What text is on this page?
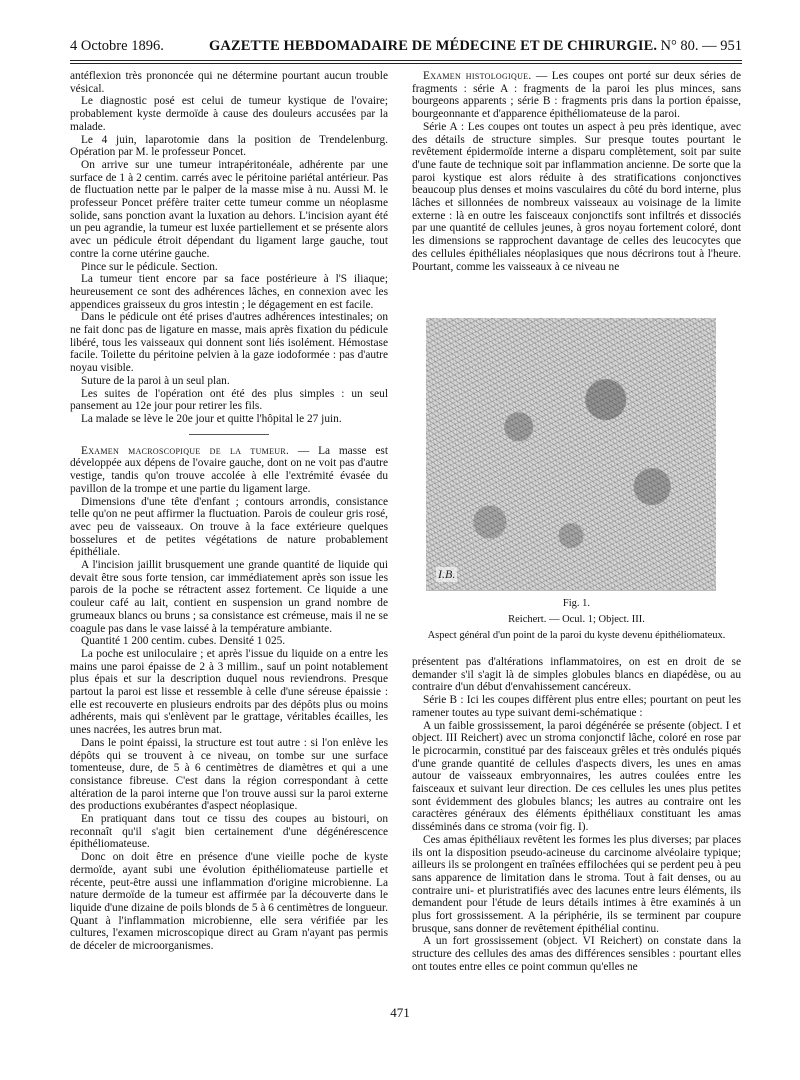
4 Octobre 1896.	GAZETTE HEBDOMADAIRE DE MÉDECINE ET DE CHIRURGIE. N° 80. — 951

antéflexion très prononcée qui ne détermine pourtant aucun trouble vésical.

Le diagnostic posé est celui de tumeur kystique de l'ovaire; probablement kyste dermoïde à cause des douleurs accusées par la malade.

Le 4 juin, laparotomie dans la position de Trendelenburg. Opération par M. le professeur Poncet.

On arrive sur une tumeur intrapéritonéale, adhérente par une surface de 1 à 2 centim. carrés avec le péritoine pariétal antérieur. Pas de fluctuation nette par le palper de la masse mise à nu. Aussi M. le professeur Poncet préfère traiter cette tumeur comme un néoplasme solide, sans ponction avant la luxation au dehors. L'incision ayant été un peu agrandie, la tumeur est luxée partiellement et se présente alors avec un pédicule étroit dépendant du ligament large gauche, tout contre la corne utérine gauche.

Pince sur le pédicule. Section.

La tumeur tient encore par sa face postérieure à l'S iliaque; heureusement ce sont des adhérences lâches, en connexion avec les appendices graisseux du gros intestin ; le dégagement en est facile.

Dans le pédicule ont été prises d'autres adhérences intestinales; on ne fait donc pas de ligature en masse, mais après fixation du pédicule libéré, tous les vaisseaux qui donnent sont liés isolément. Hémostase facile. Toilette du péritoine pelvien à la gaze iodoformée : pas d'autre noyau visible.

Suture de la paroi à un seul plan.

Les suites de l'opération ont été des plus simples : un seul pansement au 12e jour pour retirer les fils.

La malade se lève le 20e jour et quitte l'hôpital le 27 juin.

Examen macroscopique de la tumeur. — La masse est développée aux dépens de l'ovaire gauche, dont on ne voit pas d'autre vestige, tandis qu'on trouve accolée à elle l'extrémité évasée du pavillon de la trompe et une partie du ligament large.

Dimensions d'une tête d'enfant ; contours arrondis, consistance telle qu'on ne peut affirmer la fluctuation. Parois de couleur gris rosé, avec peu de vaisseaux. On trouve à la face extérieure quelques bosselures et de petites végétations de nature probablement épithéliale.

A l'incision jaillit brusquement une grande quantité de liquide qui devait être sous forte tension, car immédiatement après son issue les parois de la poche se rétractent assez fortement. Ce liquide a une couleur café au lait, contient en suspension un grand nombre de grumeaux blancs ou bruns ; sa consistance est crémeuse, mais il ne se coagule pas dans le vase laissé à la température ambiante.

Quantité 1 200 centim. cubes. Densité 1 025.

La poche est uniloculaire ; et après l'issue du liquide on a entre les mains une paroi épaisse de 2 à 3 millim., sauf un point notablement plus épais et sur la description duquel nous reviendrons. Presque partout la paroi est lisse et ressemble à celle d'une séreuse épaissie : elle est recouverte en plusieurs endroits par des dépôts plus ou moins adhérents, mais qui s'enlèvent par le grattage, véritables écailles, les unes nacrées, les autres brun mat.

Dans le point épaissi, la structure est tout autre : si l'on enlève les dépôts qui se trouvent à ce niveau, on tombe sur une surface tomenteuse, dure, de 5 à 6 centimètres de diamètres et qui a une consistance fibreuse. C'est dans la région correspondant à cette altération de la paroi interne que l'on trouve aussi sur la paroi externe des productions exubérantes d'aspect néoplasique.

En pratiquant dans tout ce tissu des coupes au bistouri, on reconnaît qu'il s'agit bien certainement d'une dégénérescence épithéliomateuse.

Donc on doit être en présence d'une vieille poche de kyste dermoïde, ayant subi une évolution épithéliomateuse partielle et récente, peut-être aussi une inflammation d'origine microbienne. La nature dermoïde de la tumeur est affirmée par la découverte dans le liquide d'une dizaine de poils blonds de 5 à 6 centimètres de longueur. Quant à l'inflammation microbienne, elle sera vérifiée par les cultures, l'examen microscopique direct au Gram n'ayant pas permis de déceler de microorganismes.

Examen histologique. — Les coupes ont porté sur deux séries de fragments : série A : fragments de la paroi les plus minces, sans bourgeons apparents ; série B : fragments pris dans la portion épaisse, bourgeonnante et d'apparence épithéliomateuse de la paroi.

Série A : Les coupes ont toutes un aspect à peu près identique, avec des détails de structure simples. Sur presque toutes pourtant le revêtement épidermoïde interne a disparu complètement, soit par suite d'une faute de technique soit par inflammation ancienne. De sorte que la paroi kystique est alors réduite à des stratifications conjonctives beaucoup plus denses et moins vasculaires du côté du bord interne, plus lâches et sillonnées de nombreux vaisseaux au voisinage de la limite externe : là en outre les faisceaux conjonctifs sont infiltrés et dissociés par une quantité de cellules jeunes, à gros noyau fortement coloré, dont les dimensions se rapprochent davantage de celles des leucocytes que des cellules épithéliales néoplasiques que nous décrirons tout à l'heure. Pourtant, comme les vaisseaux à ce niveau ne

I.B.
Fig. 1.
Reichert. — Ocul. 1; Object. III.
Aspect général d'un point de la paroi du kyste devenu épithéliomateux.

présentent pas d'altérations inflammatoires, on est en droit de se demander s'il s'agit là de simples globules blancs en diapédèse, ou au contraire d'un début d'envahissement cancéreux.

Série B : Ici les coupes diffèrent plus entre elles; pourtant on peut les ramener toutes au type suivant demi-schématique :

A un faible grossissement, la paroi dégénérée se présente (object. I et object. III Reichert) avec un stroma conjonctif lâche, coloré en rose par le picrocarmin, constitué par des faisceaux grêles et très ondulés piqués d'une grande quantité de cellules d'aspects divers, les unes en amas autour de vaisseaux embryonnaires, les autres coulées entre les faisceaux et suivant leur direction. De ces cellules les unes plus petites sont évidemment des globules blancs; les autres au contraire ont les caractères généraux des éléments épithéliaux constituant les amas disséminés dans ce stroma (voir fig. I).

Ces amas épithéliaux revêtent les formes les plus diverses; par places ils ont la disposition pseudo-acineuse du carcinome alvéolaire typique; ailleurs ils se prolongent en traînées effilochées qui se perdent peu à peu sans apparence de limitation dans le stroma. Tout à fait denses, ou au contraire uni- et pluristratifiés avec des lacunes entre leurs éléments, ils demandent pour l'étude de leurs détails intimes à être examinés à un plus fort grossissement. A la périphérie, ils se terminent par coupure brusque, sans donner de revêtement épithélial continu.

A un fort grossissement (object. VI Reichert) on constate dans la structure des cellules des amas des différences sensibles : pourtant elles ont toutes entre elles ce point commun qu'elles ne

471
